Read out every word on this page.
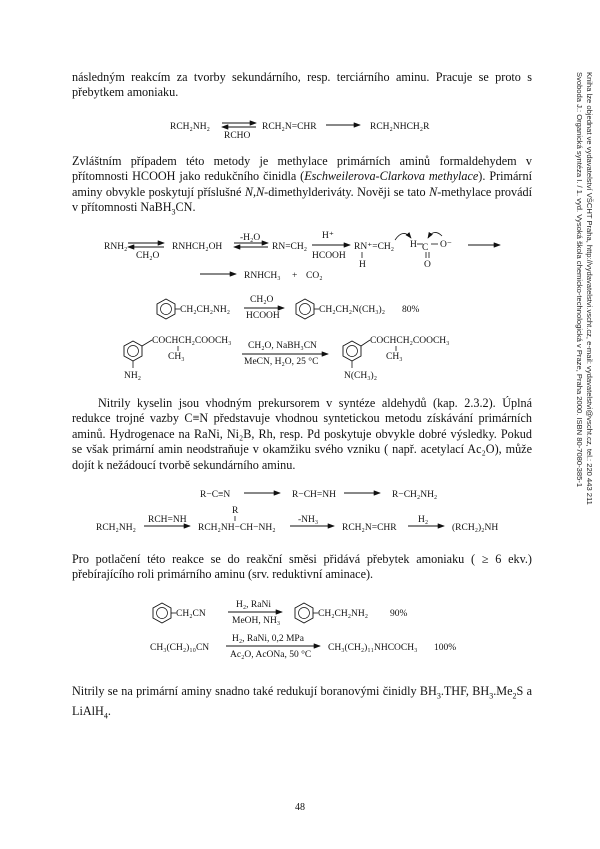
následným reakcím za tvorby sekundárního, resp. terciárního aminu. Pracuje se proto s přebytkem amoniaku.

Zvláštním případem této metody je methylace primárních aminů formaldehydem v přítomnosti HCOOH jako redukčního činidla (Eschweilerova-Clarkova methylace). Primární aminy obvykle poskytují příslušné N,N-dimethylderiváty. Nověji se tato N-methylace provádí v přítomnosti NaBH$_3$CN.

Nitrily kyselin jsou vhodným prekursorem v syntéze aldehydů (kap. 2.3.2). Úplná redukce trojné vazby C≡N představuje vhodnou syntetickou metodu získávání primárních aminů. Hydrogenace na RaNi, Ni₂B, Rh, resp. Pd poskytuje obvykle dobré výsledky. Pokud se však primární amin neodstraňuje v okamžiku svého vzniku ( např. acetylací Ac₂O), může dojít k nežádoucí tvorbě sekundárního aminu.

Pro potlačení této reakce se do reakční směsi přidává přebytek amoniaku ( ≥ 6 ekv.) přebírajícího roli primárního aminu (srv. reduktivní aminace).

Nitrily se na primární aminy snadno také redukují boranovými činidly $BH_3.THF$, $BH_3.Me_2S$ a LiAlH$_4$.

RCH₂NH₂
RCHO
RCH₂N=CHR	RCH₂NHCH₂R
RNH₂
CH₂O
RNHCH₂OH
-H₂O
RN=CH₂
H⁺
HCOOH
RN⁺=CH₂
H
H C
O
O⁻
RNHCH₃ + CO₂
CH₂CH₂NH₂
CH₂O
HCOOH
CH₂CH₂N(CH₃)₂ 80%
COCHCH₂COOCH₃
CH₃
NH₂
CH₂O, NaBH₃CN
MeCN, H₂O, 25 °C
COCHCH₂COOCH₃
CH₃
N(CH₃)₂
R−C≡N	R−CH=NH	R−CH₂NH₂
RCH₂NH₂
RCH=NH
R
RCH₂NH−CH−NH₂
-NH₃
RCH₂N=CHR
H₂
(RCH₂)₂NH
CH₂CN
H₂, RaNi
MeOH, NH₃
CH₂CH₂NH₂ 90%
CH₃(CH₂)₁₀CN
H₂, RaNi, 0,2 MPa
Ac₂O, AcONa, 50 °C
CH₃(CH₂)₁₁NHCOCH₃ 100%
Svoboda J.: Organická syntéza I. / 1. vyd. Vysoká škola chemicko-technologická v Praze, Praha 2000. ISBN 80-7080-385-1 Kniha lze objednat ve vydavatelství VŠCHT Praha, http://vydavatelstvi.vscht.cz, e-mail: vydavatelstvi@vscht.cz, tel.: 220 443 211
48
